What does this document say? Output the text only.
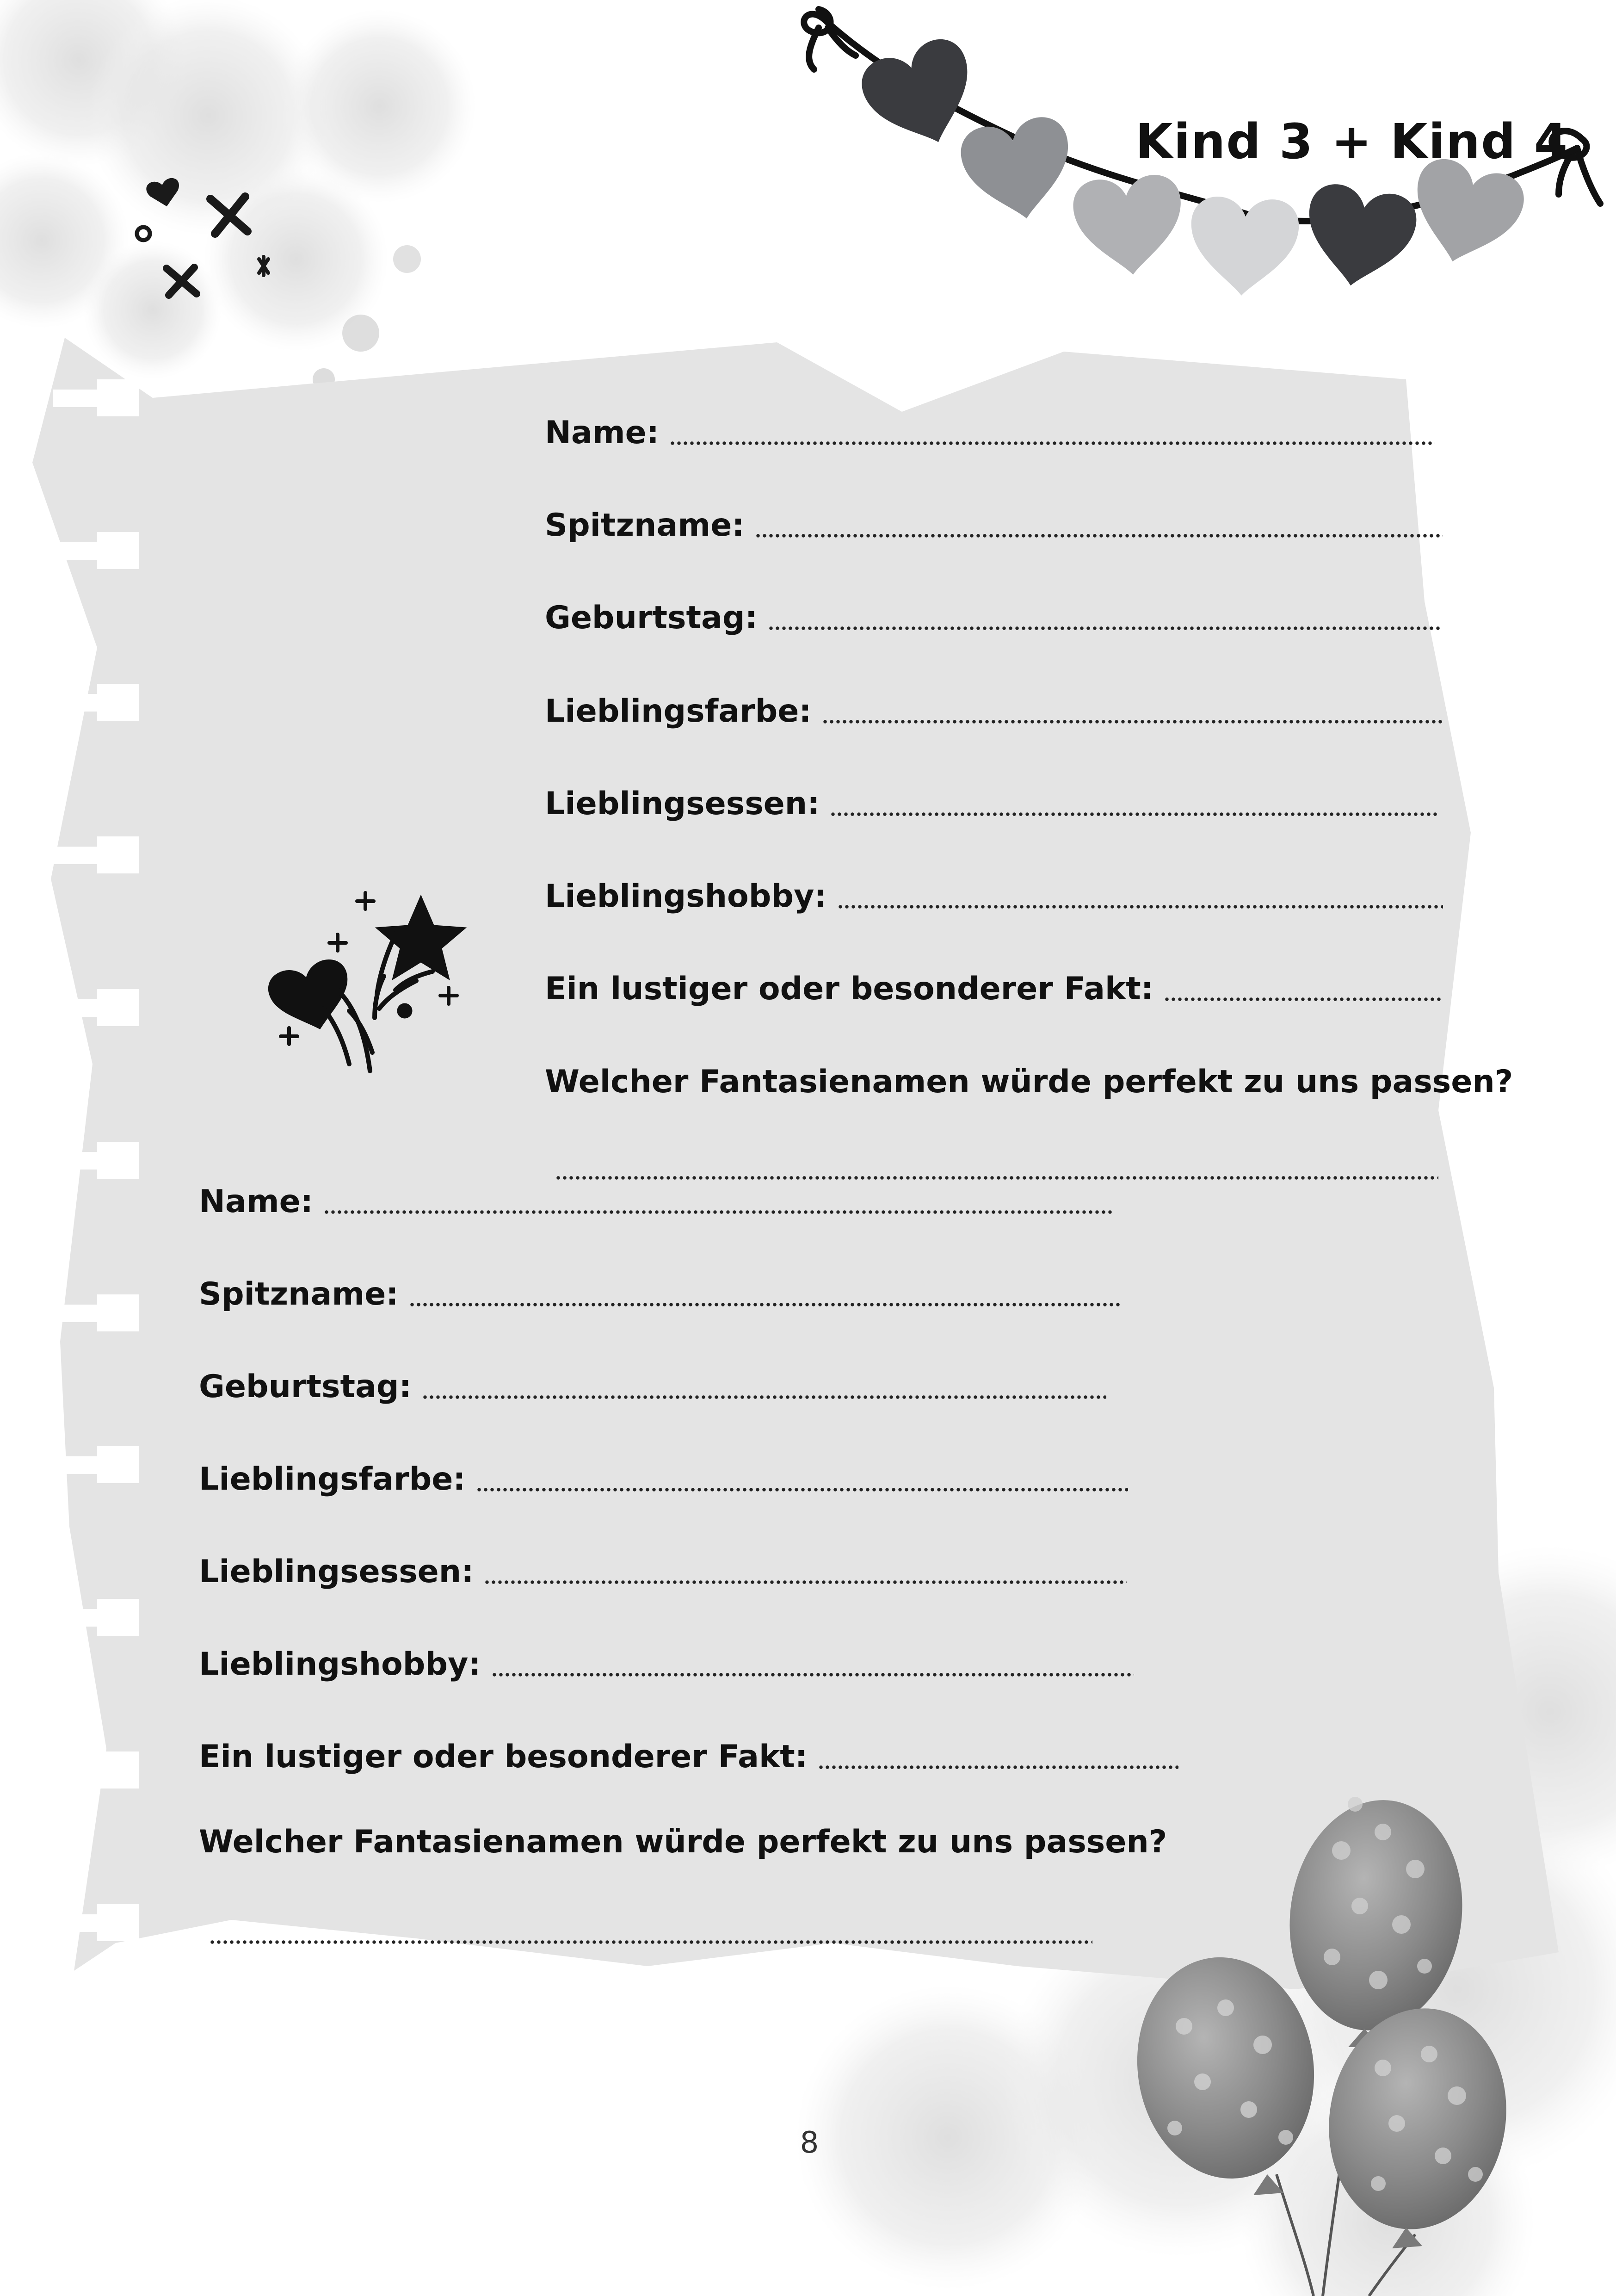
Kind 3 + Kind 4
Name:
Spitzname:
Geburtstag:
Lieblingsfarbe:
Lieblingsessen:
Lieblingshobby:
Ein lustiger oder besonderer Fakt:
Welcher Fantasienamen würde perfekt zu uns passen?
Name:
Spitzname:
Geburtstag:
Lieblingsfarbe:
Lieblingsessen:
Lieblingshobby:
Ein lustiger oder besonderer Fakt:
Welcher Fantasienamen würde perfekt zu uns passen?
8
